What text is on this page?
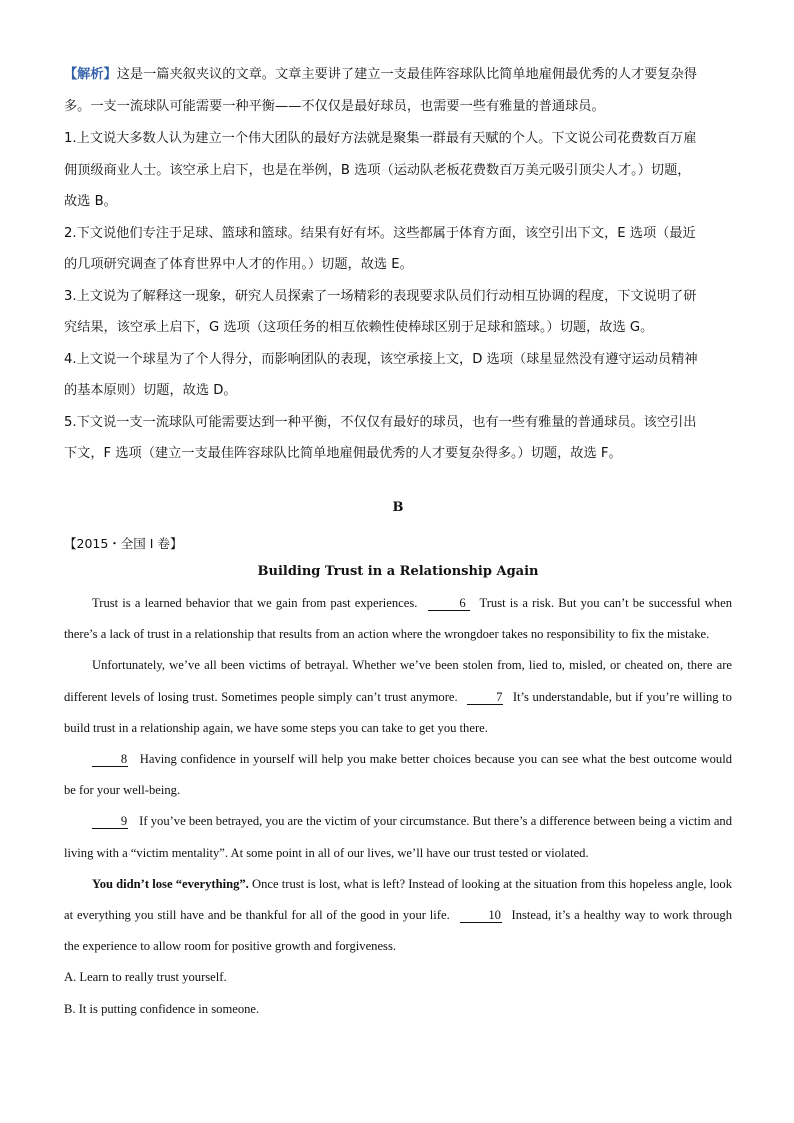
【解析】这是一篇夹叙夹议的文章。文章主要讲了建立一支最佳阵容球队比简单地雇佣最优秀的人才要复杂得

多。一支一流球队可能需要一种平衡——不仅仅是最好球员，也需要一些有雅量的普通球员。

1.上文说大多数人认为建立一个伟大团队的最好方法就是聚集一群最有天赋的个人。下文说公司花费数百万雇

佣顶级商业人士。该空承上启下，也是在举例，B 选项（运动队老板花费数百万美元吸引顶尖人才。）切题，

故选 B。

2.下文说他们专注于足球、篮球和篮球。结果有好有坏。这些都属于体育方面，该空引出下文，E 选项（最近

的几项研究调查了体育世界中人才的作用。）切题，故选 E。

3.上文说为了解释这一现象，研究人员探索了一场精彩的表现要求队员们行动相互协调的程度，下文说明了研

究结果，该空承上启下，G 选项（这项任务的相互依赖性使棒球区别于足球和篮球。）切题，故选 G。

4.上文说一个球星为了个人得分，而影响团队的表现，该空承接上文，D 选项（球星显然没有遵守运动员精神

的基本原则）切题，故选 D。

5.下文说一支一流球队可能需要达到一种平衡，不仅仅有最好的球员，也有一些有雅量的普通球员。该空引出

下文，F 选项（建立一支最佳阵容球队比简单地雇佣最优秀的人才要复杂得多。）切题，故选 F。

B

【2015・全国 I 卷】

Building Trust in a Relationship Again

Trust is a learned behavior that we gain from past experiences.	6 Trust is a risk. But you can’t be successful when there’s a lack of trust in a relationship that results from an action where the wrongdoer takes no responsibility to fix the mistake.

Unfortunately, we’ve all been victims of betrayal. Whether we’ve been stolen from, lied to, misled, or cheated on, there are different levels of losing trust. Sometimes people simply can’t trust anymore.	7 It’s understandable, but if you’re willing to build trust in a relationship again, we have some steps you can take to get you there.

8 Having confidence in yourself will help you make better choices because you can see what the best outcome would be for your well-being.

9 If you’ve been betrayed, you are the victim of your circumstance. But there’s a difference between being a victim and living with a “victim mentality”. At some point in all of our lives, we’ll have our trust tested or violated.

You didn’t lose “everything”. Once trust is lost, what is left? Instead of looking at the situation from this hopeless angle, look at everything you still have and be thankful for all of the good in your life.	10 Instead, it’s a healthy way to work through the experience to allow room for positive growth and forgiveness.

A. Learn to really trust yourself.

B. It is putting confidence in someone.
